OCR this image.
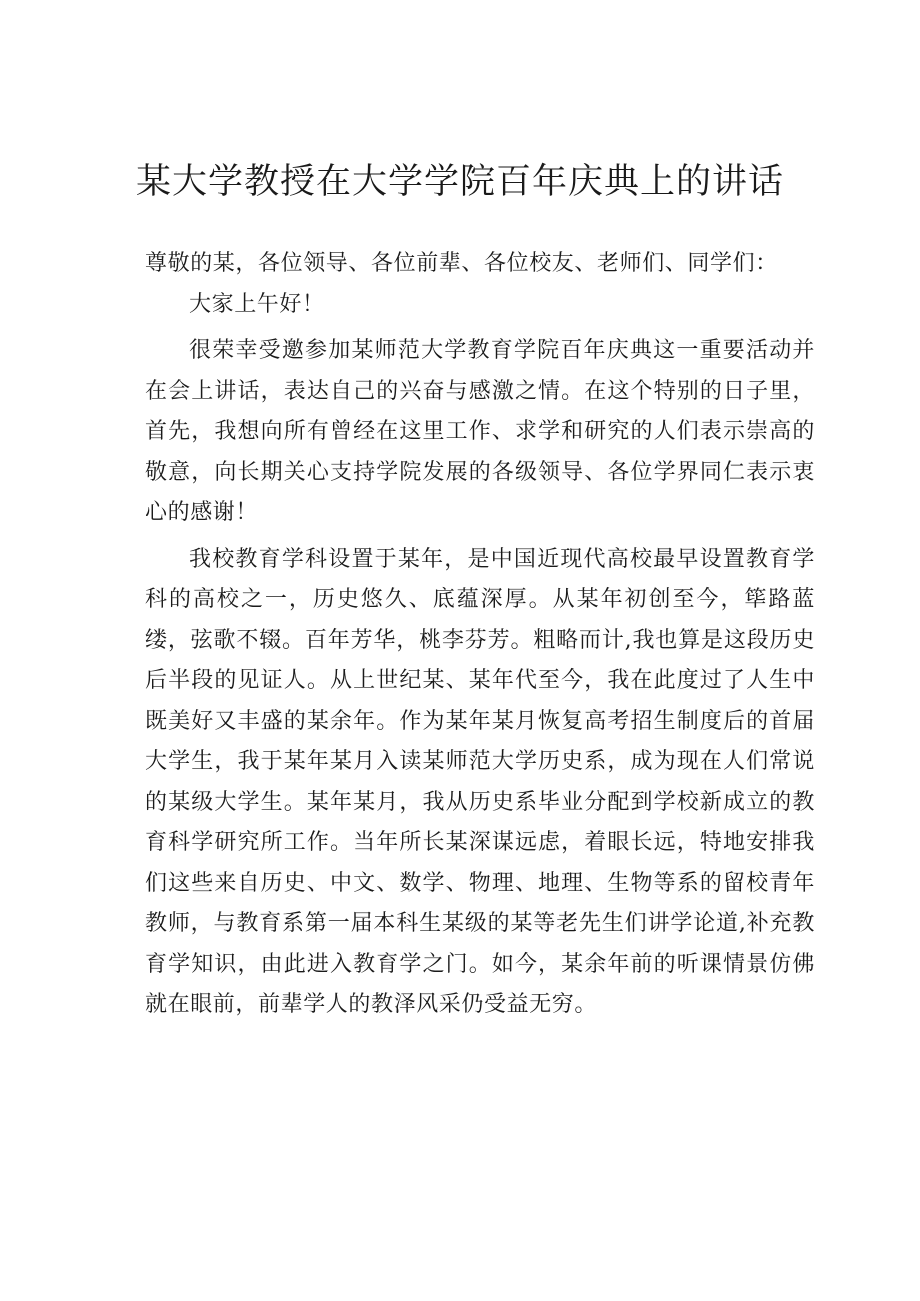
某大学教授在大学学院百年庆典上的讲话

尊敬的某，各位领导、各位前辈、各位校友、老师们、同学们：

大家上午好！

很荣幸受邀参加某师范大学教育学院百年庆典这一重要活动并在会上讲话，表达自己的兴奋与感激之情。在这个特别的日子里，首先，我想向所有曾经在这里工作、求学和研究的人们表示崇高的敬意，向长期关心支持学院发展的各级领导、各位学界同仁表示衷心的感谢！

我校教育学科设置于某年，是中国近现代高校最早设置教育学科的高校之一，历史悠久、底蕴深厚。从某年初创至今，筚路蓝缕，弦歌不辍。百年芳华，桃李芬芳。粗略而计,我也算是这段历史后半段的见证人。从上世纪某、某年代至今，我在此度过了人生中既美好又丰盛的某余年。作为某年某月恢复高考招生制度后的首届大学生，我于某年某月入读某师范大学历史系，成为现在人们常说的某级大学生。某年某月，我从历史系毕业分配到学校新成立的教育科学研究所工作。当年所长某深谋远虑，着眼长远，特地安排我们这些来自历史、中文、数学、物理、地理、生物等系的留校青年教师，与教育系第一届本科生某级的某等老先生们讲学论道,补充教育学知识，由此进入教育学之门。如今，某余年前的听课情景仿佛就在眼前，前辈学人的教泽风采仍受益无穷。
